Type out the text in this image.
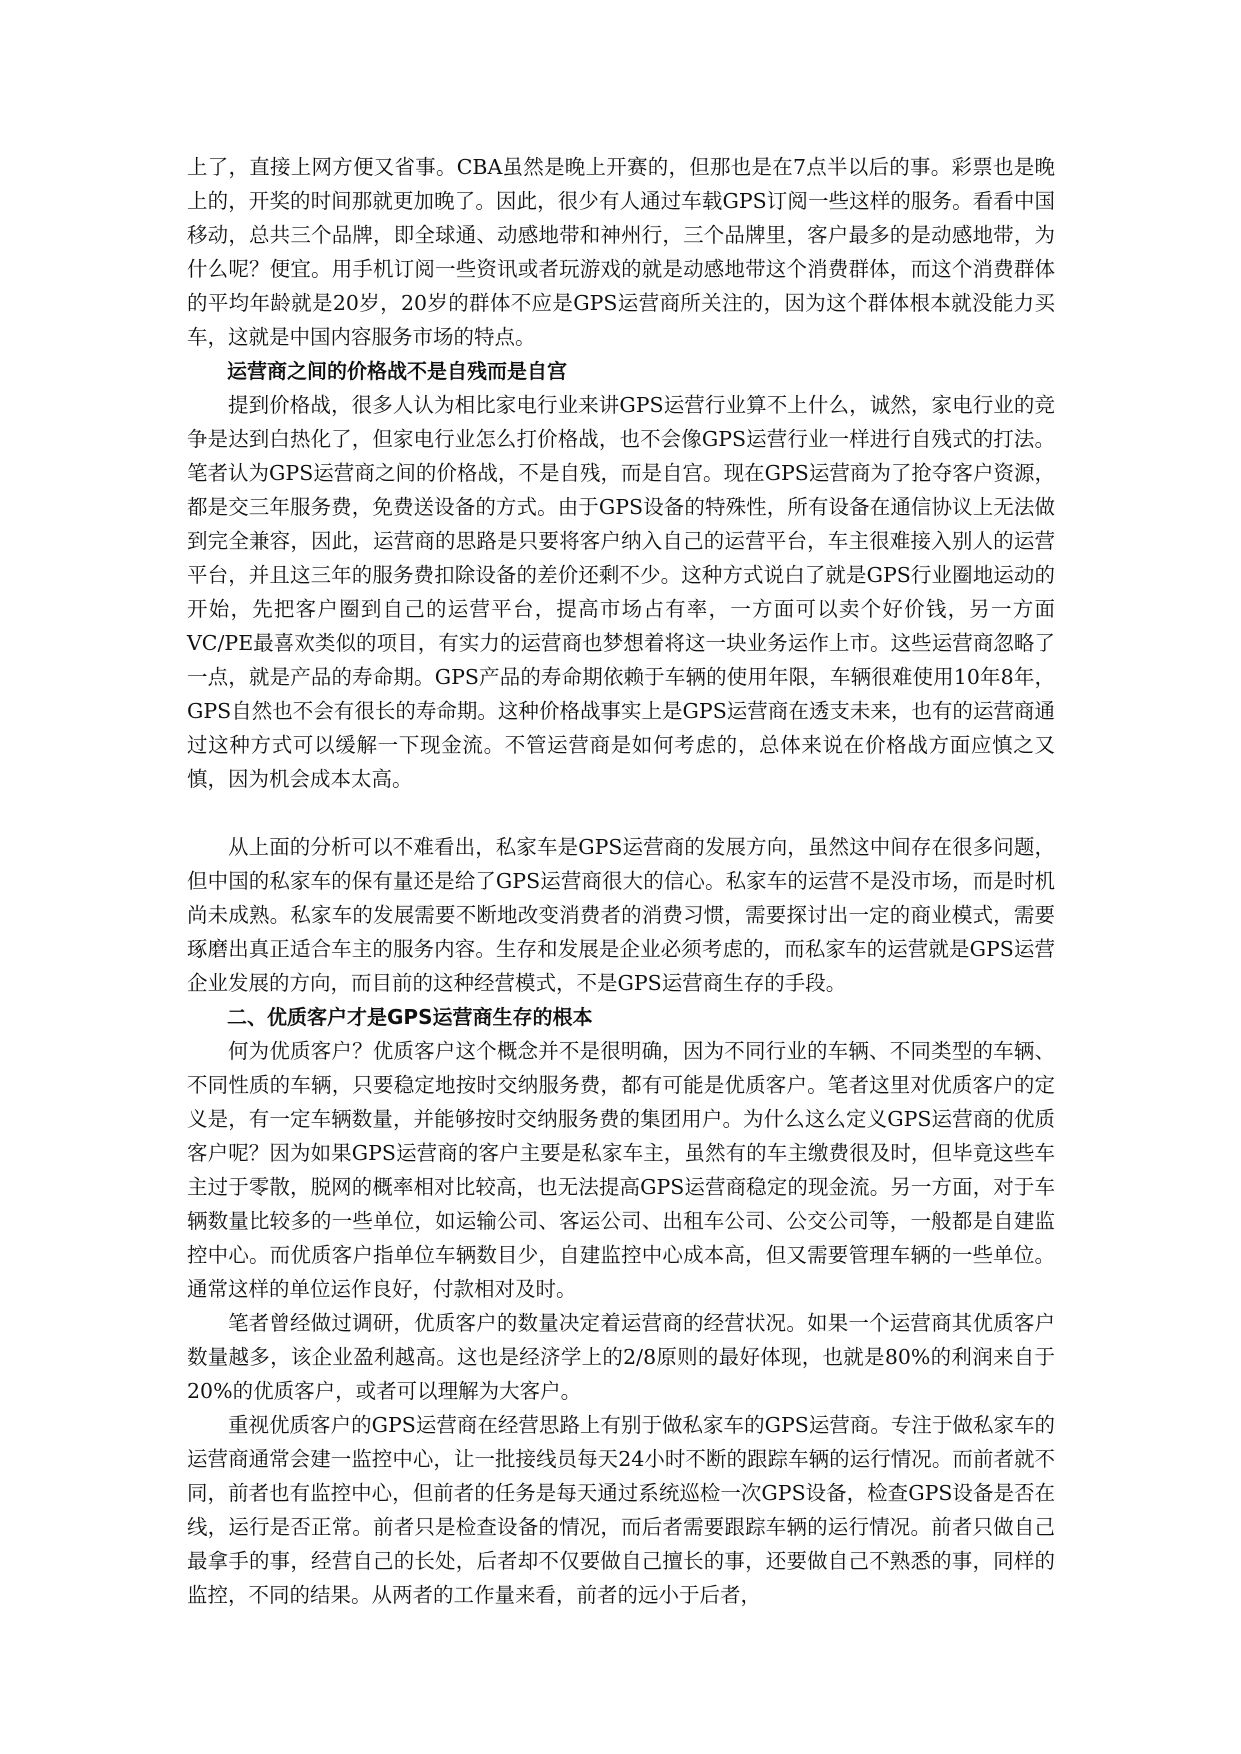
上了，直接上网方便又省事。CBA虽然是晚上开赛的，但那也是在7点半以后的事。彩票也是晚上的，开奖的时间那就更加晚了。因此，很少有人通过车载GPS订阅一些这样的服务。看看中国移动，总共三个品牌，即全球通、动感地带和神州行，三个品牌里，客户最多的是动感地带，为什么呢？便宜。用手机订阅一些资讯或者玩游戏的就是动感地带这个消费群体，而这个消费群体的平均年龄就是20岁，20岁的群体不应是GPS运营商所关注的，因为这个群体根本就没能力买车，这就是中国内容服务市场的特点。

运营商之间的价格战不是自残而是自宫

提到价格战，很多人认为相比家电行业来讲GPS运营行业算不上什么，诚然，家电行业的竞争是达到白热化了，但家电行业怎么打价格战，也不会像GPS运营行业一样进行自残式的打法。笔者认为GPS运营商之间的价格战，不是自残，而是自宫。现在GPS运营商为了抢夺客户资源，都是交三年服务费，免费送设备的方式。由于GPS设备的特殊性，所有设备在通信协议上无法做到完全兼容，因此，运营商的思路是只要将客户纳入自己的运营平台，车主很难接入别人的运营平台，并且这三年的服务费扣除设备的差价还剩不少。这种方式说白了就是GPS行业圈地运动的开始，先把客户圈到自己的运营平台，提高市场占有率，一方面可以卖个好价钱，另一方面VC/PE最喜欢类似的项目，有实力的运营商也梦想着将这一块业务运作上市。这些运营商忽略了一点，就是产品的寿命期。GPS产品的寿命期依赖于车辆的使用年限，车辆很难使用10年8年，GPS自然也不会有很长的寿命期。这种价格战事实上是GPS运营商在透支未来，也有的运营商通过这种方式可以缓解一下现金流。不管运营商是如何考虑的，总体来说在价格战方面应慎之又慎，因为机会成本太高。

从上面的分析可以不难看出，私家车是GPS运营商的发展方向，虽然这中间存在很多问题，但中国的私家车的保有量还是给了GPS运营商很大的信心。私家车的运营不是没市场，而是时机尚未成熟。私家车的发展需要不断地改变消费者的消费习惯，需要探讨出一定的商业模式，需要琢磨出真正适合车主的服务内容。生存和发展是企业必须考虑的，而私家车的运营就是GPS运营企业发展的方向，而目前的这种经营模式，不是GPS运营商生存的手段。

二、优质客户才是GPS运营商生存的根本

何为优质客户？优质客户这个概念并不是很明确，因为不同行业的车辆、不同类型的车辆、不同性质的车辆，只要稳定地按时交纳服务费，都有可能是优质客户。笔者这里对优质客户的定义是，有一定车辆数量，并能够按时交纳服务费的集团用户。为什么这么定义GPS运营商的优质客户呢？因为如果GPS运营商的客户主要是私家车主，虽然有的车主缴费很及时，但毕竟这些车主过于零散，脱网的概率相对比较高，也无法提高GPS运营商稳定的现金流。另一方面，对于车辆数量比较多的一些单位，如运输公司、客运公司、出租车公司、公交公司等，一般都是自建监控中心。而优质客户指单位车辆数目少，自建监控中心成本高，但又需要管理车辆的一些单位。通常这样的单位运作良好，付款相对及时。

笔者曾经做过调研，优质客户的数量决定着运营商的经营状况。如果一个运营商其优质客户数量越多，该企业盈利越高。这也是经济学上的2/8原则的最好体现，也就是80%的利润来自于20%的优质客户，或者可以理解为大客户。

重视优质客户的GPS运营商在经营思路上有别于做私家车的GPS运营商。专注于做私家车的运营商通常会建一监控中心，让一批接线员每天24小时不断的跟踪车辆的运行情况。而前者就不同，前者也有监控中心，但前者的任务是每天通过系统巡检一次GPS设备，检查GPS设备是否在线，运行是否正常。前者只是检查设备的情况，而后者需要跟踪车辆的运行情况。前者只做自己最拿手的事，经营自己的长处，后者却不仅要做自己擅长的事，还要做自己不熟悉的事，同样的监控，不同的结果。从两者的工作量来看，前者的远小于后者，
